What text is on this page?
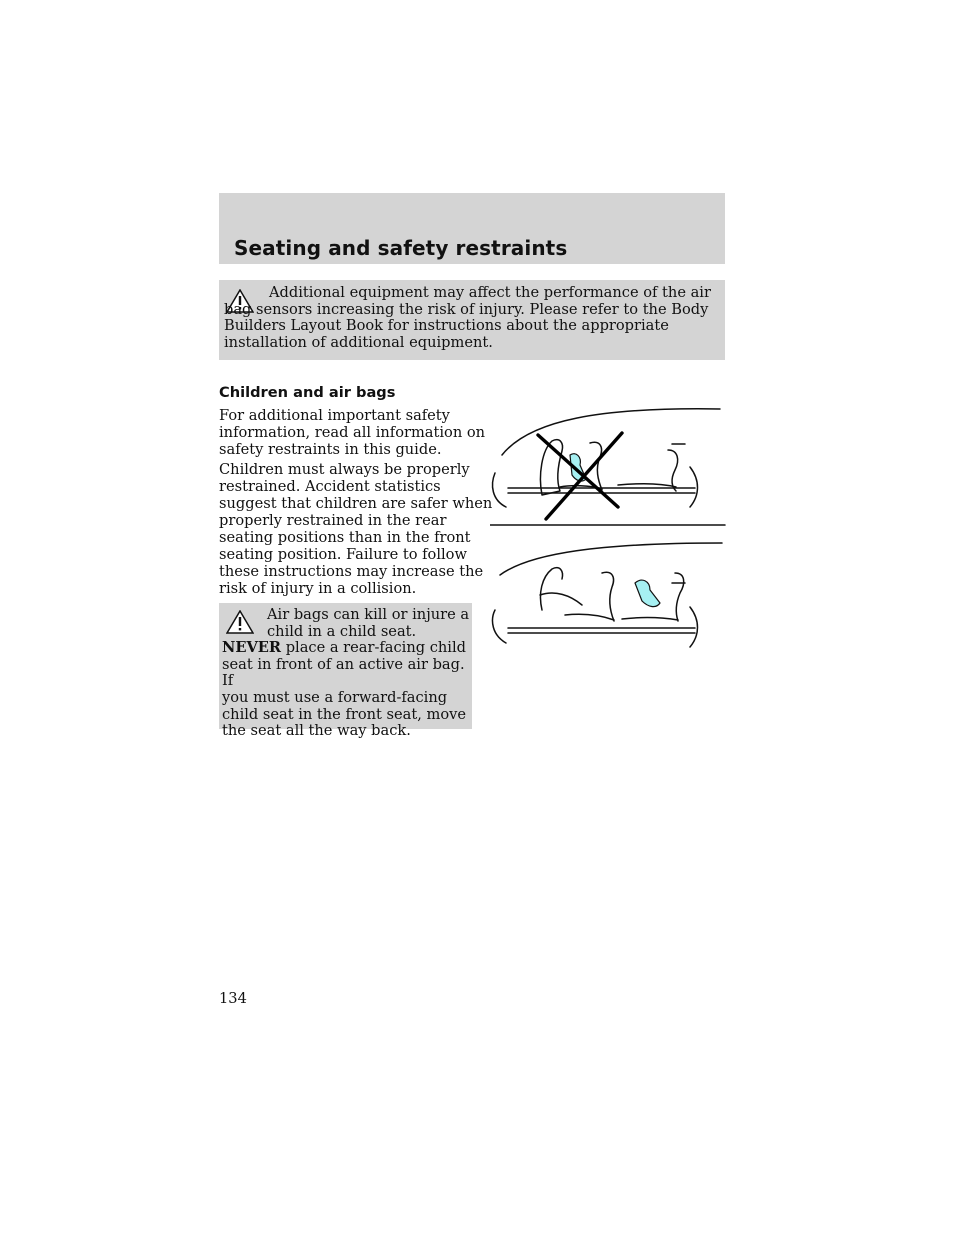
Seating and safety restraints

Additional equipment may affect the performance of the air bag sensors increasing the risk of injury. Please refer to the Body Builders Layout Book for instructions about the appropriate installation of additional equipment.

Children and air bags

For additional important safety
information, read all information on
safety restraints in this guide.

Children must always be properly
restrained. Accident statistics
suggest that children are safer when
properly restrained in the rear
seating positions than in the front
seating position. Failure to follow
these instructions may increase the
risk of injury in a collision.

Air bags can kill or injure a
child in a child seat.
NEVER place a rear-facing child
seat in front of an active air bag. If
you must use a forward-facing
child seat in the front seat, move
the seat all the way back.

134
